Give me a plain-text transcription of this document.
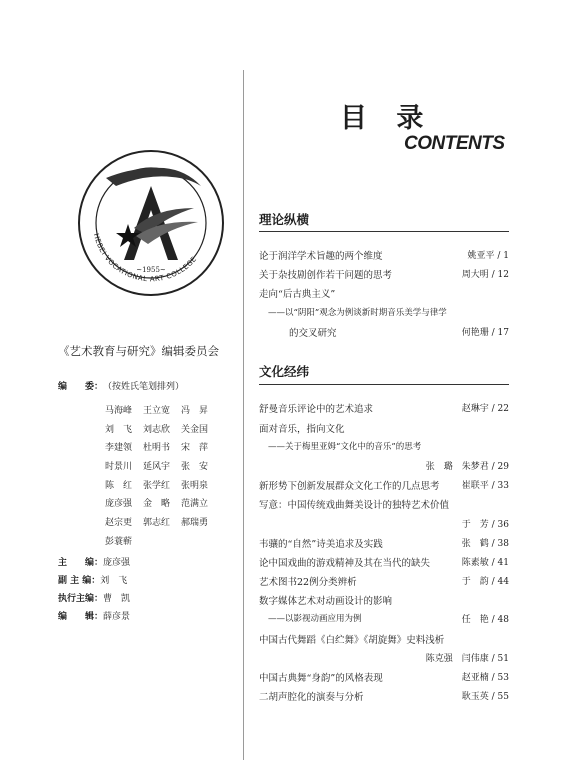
HEBEI VOCATIONAL ART COLLEGE
~1955~
《艺术教育与研究》编辑委员会
编　　委：（按姓氏笔划排列）
马海峰	王立宽	冯　昇
刘　飞	刘志欣	关金国
李建领	杜明书	宋　萍
时景川	延风宇	张　安
陈　红	张学红	张明泉
庞彦强	金　略	范满立
赵宗更	郭志红	郝瑞勇
彭蓑蕲
主　　编：庞彦强
副 主 编：刘　飞
执行主编：曹　凯
编　　辑：薛彦景
目 录
CONTENTS
理论纵横
论于润洋学术旨趣的两个维度	姚亚平 / 1
关于杂技剧创作若干问题的思考	周大明 / 12
走向“后古典主义”
——以“阴阳”观念为例谈新时期音乐美学与律学
的交叉研究	何艳珊 / 17
文化经纬
舒曼音乐评论中的艺术追求	赵琳宇 / 22
面对音乐，指向文化
——关于梅里亚姆“文化中的音乐”的思考
张　璐　朱梦君 / 29
新形势下创新发展群众文化工作的几点思考 崔联平 / 33
写意：中国传统戏曲舞美设计的独特艺术价值
于　芳 / 36
韦骧的“自然”诗美追求及实践	张　鹤 / 38
论中国戏曲的游戏精神及其在当代的缺失	陈素敏 / 41
艺术图书22例分类辨析	于　韵 / 44
数字媒体艺术对动画设计的影响
——以影视动画应用为例	任　艳 / 48
中国古代舞蹈《白纻舞》《胡旋舞》史料浅析
陈克强　闫伟康 / 51
中国古典舞“身韵”的风格表现	赵亚楠 / 53
二胡声腔化的演奏与分析	耿玉英 / 55
